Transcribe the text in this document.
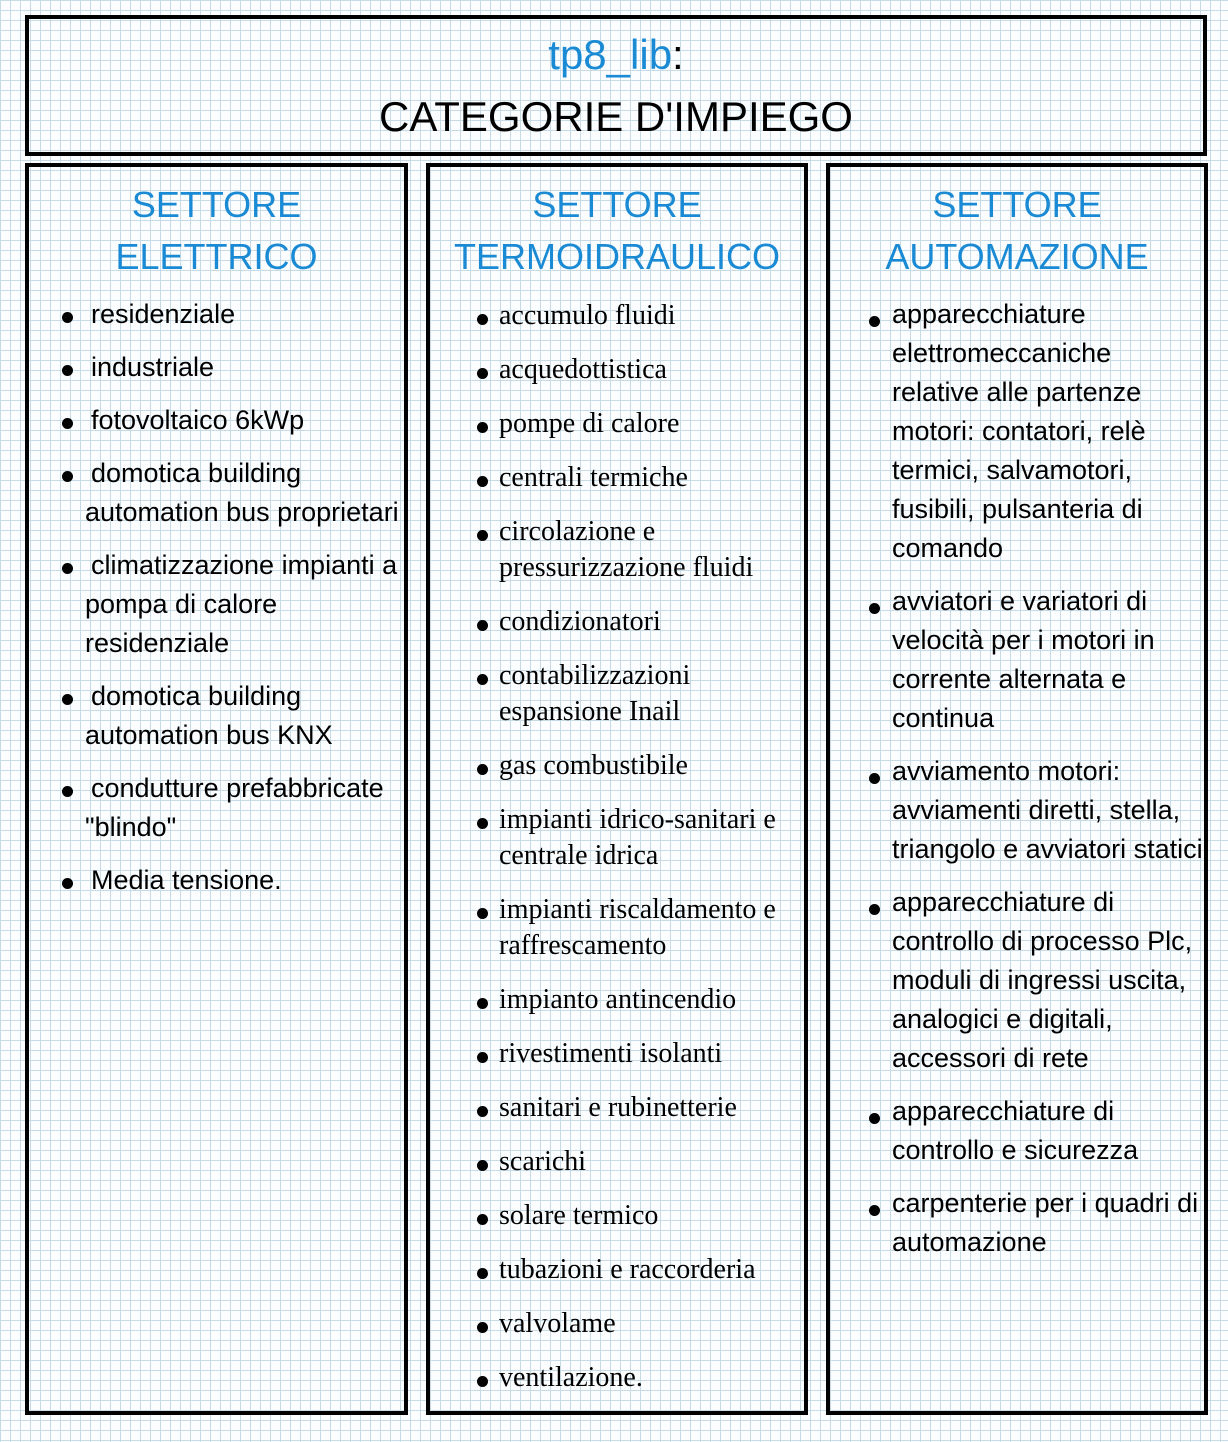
tp8_lib:
CATEGORIE D'IMPIEGO
SETTORE
ELETTRICO
residenziale
industriale
fotovoltaico 6kWp
domotica building automation bus proprietari
climatizzazione impianti a pompa di calore residenziale
domotica building automation bus KNX
condutture prefabbricate "blindo"
Media tensione.
SETTORE
TERMOIDRAULICO
accumulo fluidi
acquedottistica
pompe di calore
centrali termiche
circolazione e pressurizzazione fluidi
condizionatori
contabilizzazioni espansione Inail
gas combustibile
impianti idrico-sanitari e centrale idrica
impianti riscaldamento e raffrescamento
impianto antincendio
rivestimenti isolanti
sanitari e rubinetterie
scarichi
solare termico
tubazioni e raccorderia
valvolame
ventilazione.
SETTORE
AUTOMAZIONE
apparecchiature elettromeccaniche relative alle partenze motori: contatori, relè termici, salvamotori, fusibili, pulsanteria di comando
avviatori e variatori di velocità per i motori in corrente alternata e continua
avviamento motori: avviamenti diretti, stella, triangolo e avviatori statici
apparecchiature di controllo di processo Plc, moduli di ingressi uscita, analogici e digitali, accessori di rete
apparecchiature di controllo e sicurezza
carpenterie per i quadri di automazione
